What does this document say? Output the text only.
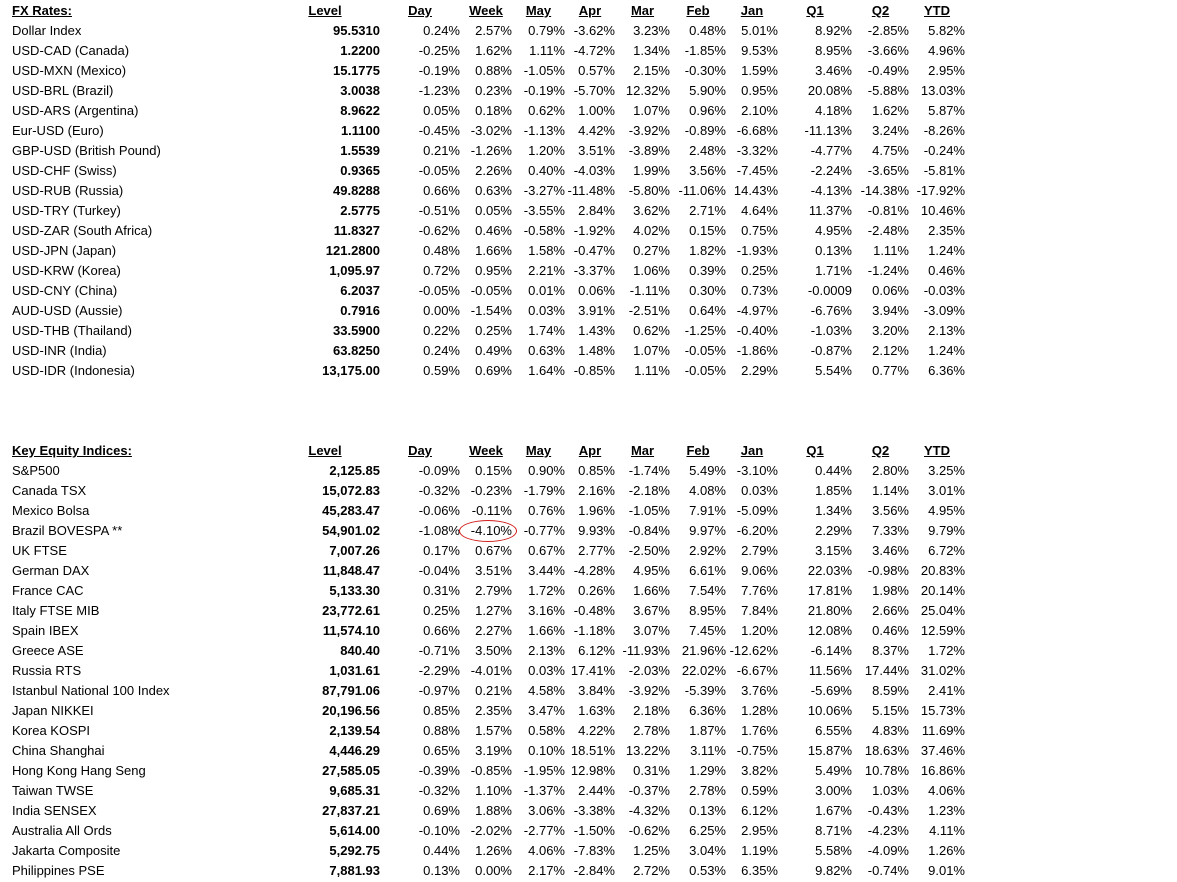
FX Rates:	Level	Day	Week	May	Apr	Mar	Feb	Jan	Q1	Q2	YTD
Dollar Index	95.5310	0.24%	2.57%	0.79%	-3.62%	3.23%	0.48%	5.01%	8.92%	-2.85%	5.82%
USD-CAD (Canada)	1.2200	-0.25%	1.62%	1.11%	-4.72%	1.34%	-1.85%	9.53%	8.95%	-3.66%	4.96%
USD-MXN (Mexico)	15.1775	-0.19%	0.88%	-1.05%	0.57%	2.15%	-0.30%	1.59%	3.46%	-0.49%	2.95%
USD-BRL (Brazil)	3.0038	-1.23%	0.23%	-0.19%	-5.70%	12.32%	5.90%	0.95%	20.08%	-5.88%	13.03%
USD-ARS (Argentina)	8.9622	0.05%	0.18%	0.62%	1.00%	1.07%	0.96%	2.10%	4.18%	1.62%	5.87%
Eur-USD (Euro)	1.1100	-0.45%	-3.02%	-1.13%	4.42%	-3.92%	-0.89%	-6.68%	-11.13%	3.24%	-8.26%
GBP-USD (British Pound)	1.5539	0.21%	-1.26%	1.20%	3.51%	-3.89%	2.48%	-3.32%	-4.77%	4.75%	-0.24%
USD-CHF (Swiss)	0.9365	-0.05%	2.26%	0.40%	-4.03%	1.99%	3.56%	-7.45%	-2.24%	-3.65%	-5.81%
USD-RUB (Russia)	49.8288	0.66%	0.63%	-3.27%	-11.48%	-5.80%	-11.06%	14.43%	-4.13%	-14.38%	-17.92%
USD-TRY (Turkey)	2.5775	-0.51%	0.05%	-3.55%	2.84%	3.62%	2.71%	4.64%	11.37%	-0.81%	10.46%
USD-ZAR (South Africa)	11.8327	-0.62%	0.46%	-0.58%	-1.92%	4.02%	0.15%	0.75%	4.95%	-2.48%	2.35%
USD-JPN (Japan)	121.2800	0.48%	1.66%	1.58%	-0.47%	0.27%	1.82%	-1.93%	0.13%	1.11%	1.24%
USD-KRW (Korea)	1,095.97	0.72%	0.95%	2.21%	-3.37%	1.06%	0.39%	0.25%	1.71%	-1.24%	0.46%
USD-CNY (China)	6.2037	-0.05%	-0.05%	0.01%	0.06%	-1.11%	0.30%	0.73%	-0.0009	0.06%	-0.03%
AUD-USD (Aussie)	0.7916	0.00%	-1.54%	0.03%	3.91%	-2.51%	0.64%	-4.97%	-6.76%	3.94%	-3.09%
USD-THB (Thailand)	33.5900	0.22%	0.25%	1.74%	1.43%	0.62%	-1.25%	-0.40%	-1.03%	3.20%	2.13%
USD-INR (India)	63.8250	0.24%	0.49%	0.63%	1.48%	1.07%	-0.05%	-1.86%	-0.87%	2.12%	1.24%
USD-IDR (Indonesia)	13,175.00	0.59%	0.69%	1.64%	-0.85%	1.11%	-0.05%	2.29%	5.54%	0.77%	6.36%
Key Equity Indices:	Level	Day	Week	May	Apr	Mar	Feb	Jan	Q1	Q2	YTD
S&P500	2,125.85	-0.09%	0.15%	0.90%	0.85%	-1.74%	5.49%	-3.10%	0.44%	2.80%	3.25%
Canada TSX	15,072.83	-0.32%	-0.23%	-1.79%	2.16%	-2.18%	4.08%	0.03%	1.85%	1.14%	3.01%
Mexico Bolsa	45,283.47	-0.06%	-0.11%	0.76%	1.96%	-1.05%	7.91%	-5.09%	1.34%	3.56%	4.95%
Brazil BOVESPA **	54,901.02	-1.08%	-4.10%	-0.77%	9.93%	-0.84%	9.97%	-6.20%	2.29%	7.33%	9.79%
UK FTSE	7,007.26	0.17%	0.67%	0.67%	2.77%	-2.50%	2.92%	2.79%	3.15%	3.46%	6.72%
German DAX	11,848.47	-0.04%	3.51%	3.44%	-4.28%	4.95%	6.61%	9.06%	22.03%	-0.98%	20.83%
France CAC	5,133.30	0.31%	2.79%	1.72%	0.26%	1.66%	7.54%	7.76%	17.81%	1.98%	20.14%
Italy FTSE MIB	23,772.61	0.25%	1.27%	3.16%	-0.48%	3.67%	8.95%	7.84%	21.80%	2.66%	25.04%
Spain IBEX	11,574.10	0.66%	2.27%	1.66%	-1.18%	3.07%	7.45%	1.20%	12.08%	0.46%	12.59%
Greece ASE	840.40	-0.71%	3.50%	2.13%	6.12%	-11.93%	21.96%	-12.62%	-6.14%	8.37%	1.72%
Russia RTS	1,031.61	-2.29%	-4.01%	0.03%	17.41%	-2.03%	22.02%	-6.67%	11.56%	17.44%	31.02%
Istanbul National 100 Index	87,791.06	-0.97%	0.21%	4.58%	3.84%	-3.92%	-5.39%	3.76%	-5.69%	8.59%	2.41%
Japan NIKKEI	20,196.56	0.85%	2.35%	3.47%	1.63%	2.18%	6.36%	1.28%	10.06%	5.15%	15.73%
Korea KOSPI	2,139.54	0.88%	1.57%	0.58%	4.22%	2.78%	1.87%	1.76%	6.55%	4.83%	11.69%
China Shanghai	4,446.29	0.65%	3.19%	0.10%	18.51%	13.22%	3.11%	-0.75%	15.87%	18.63%	37.46%
Hong Kong Hang Seng	27,585.05	-0.39%	-0.85%	-1.95%	12.98%	0.31%	1.29%	3.82%	5.49%	10.78%	16.86%
Taiwan TWSE	9,685.31	-0.32%	1.10%	-1.37%	2.44%	-0.37%	2.78%	0.59%	3.00%	1.03%	4.06%
India SENSEX	27,837.21	0.69%	1.88%	3.06%	-3.38%	-4.32%	0.13%	6.12%	1.67%	-0.43%	1.23%
Australia All Ords	5,614.00	-0.10%	-2.02%	-2.77%	-1.50%	-0.62%	6.25%	2.95%	8.71%	-4.23%	4.11%
Jakarta Composite	5,292.75	0.44%	1.26%	4.06%	-7.83%	1.25%	3.04%	1.19%	5.58%	-4.09%	1.26%
Philippines PSE	7,881.93	0.13%	0.00%	2.17%	-2.84%	2.72%	0.53%	6.35%	9.82%	-0.74%	9.01%
